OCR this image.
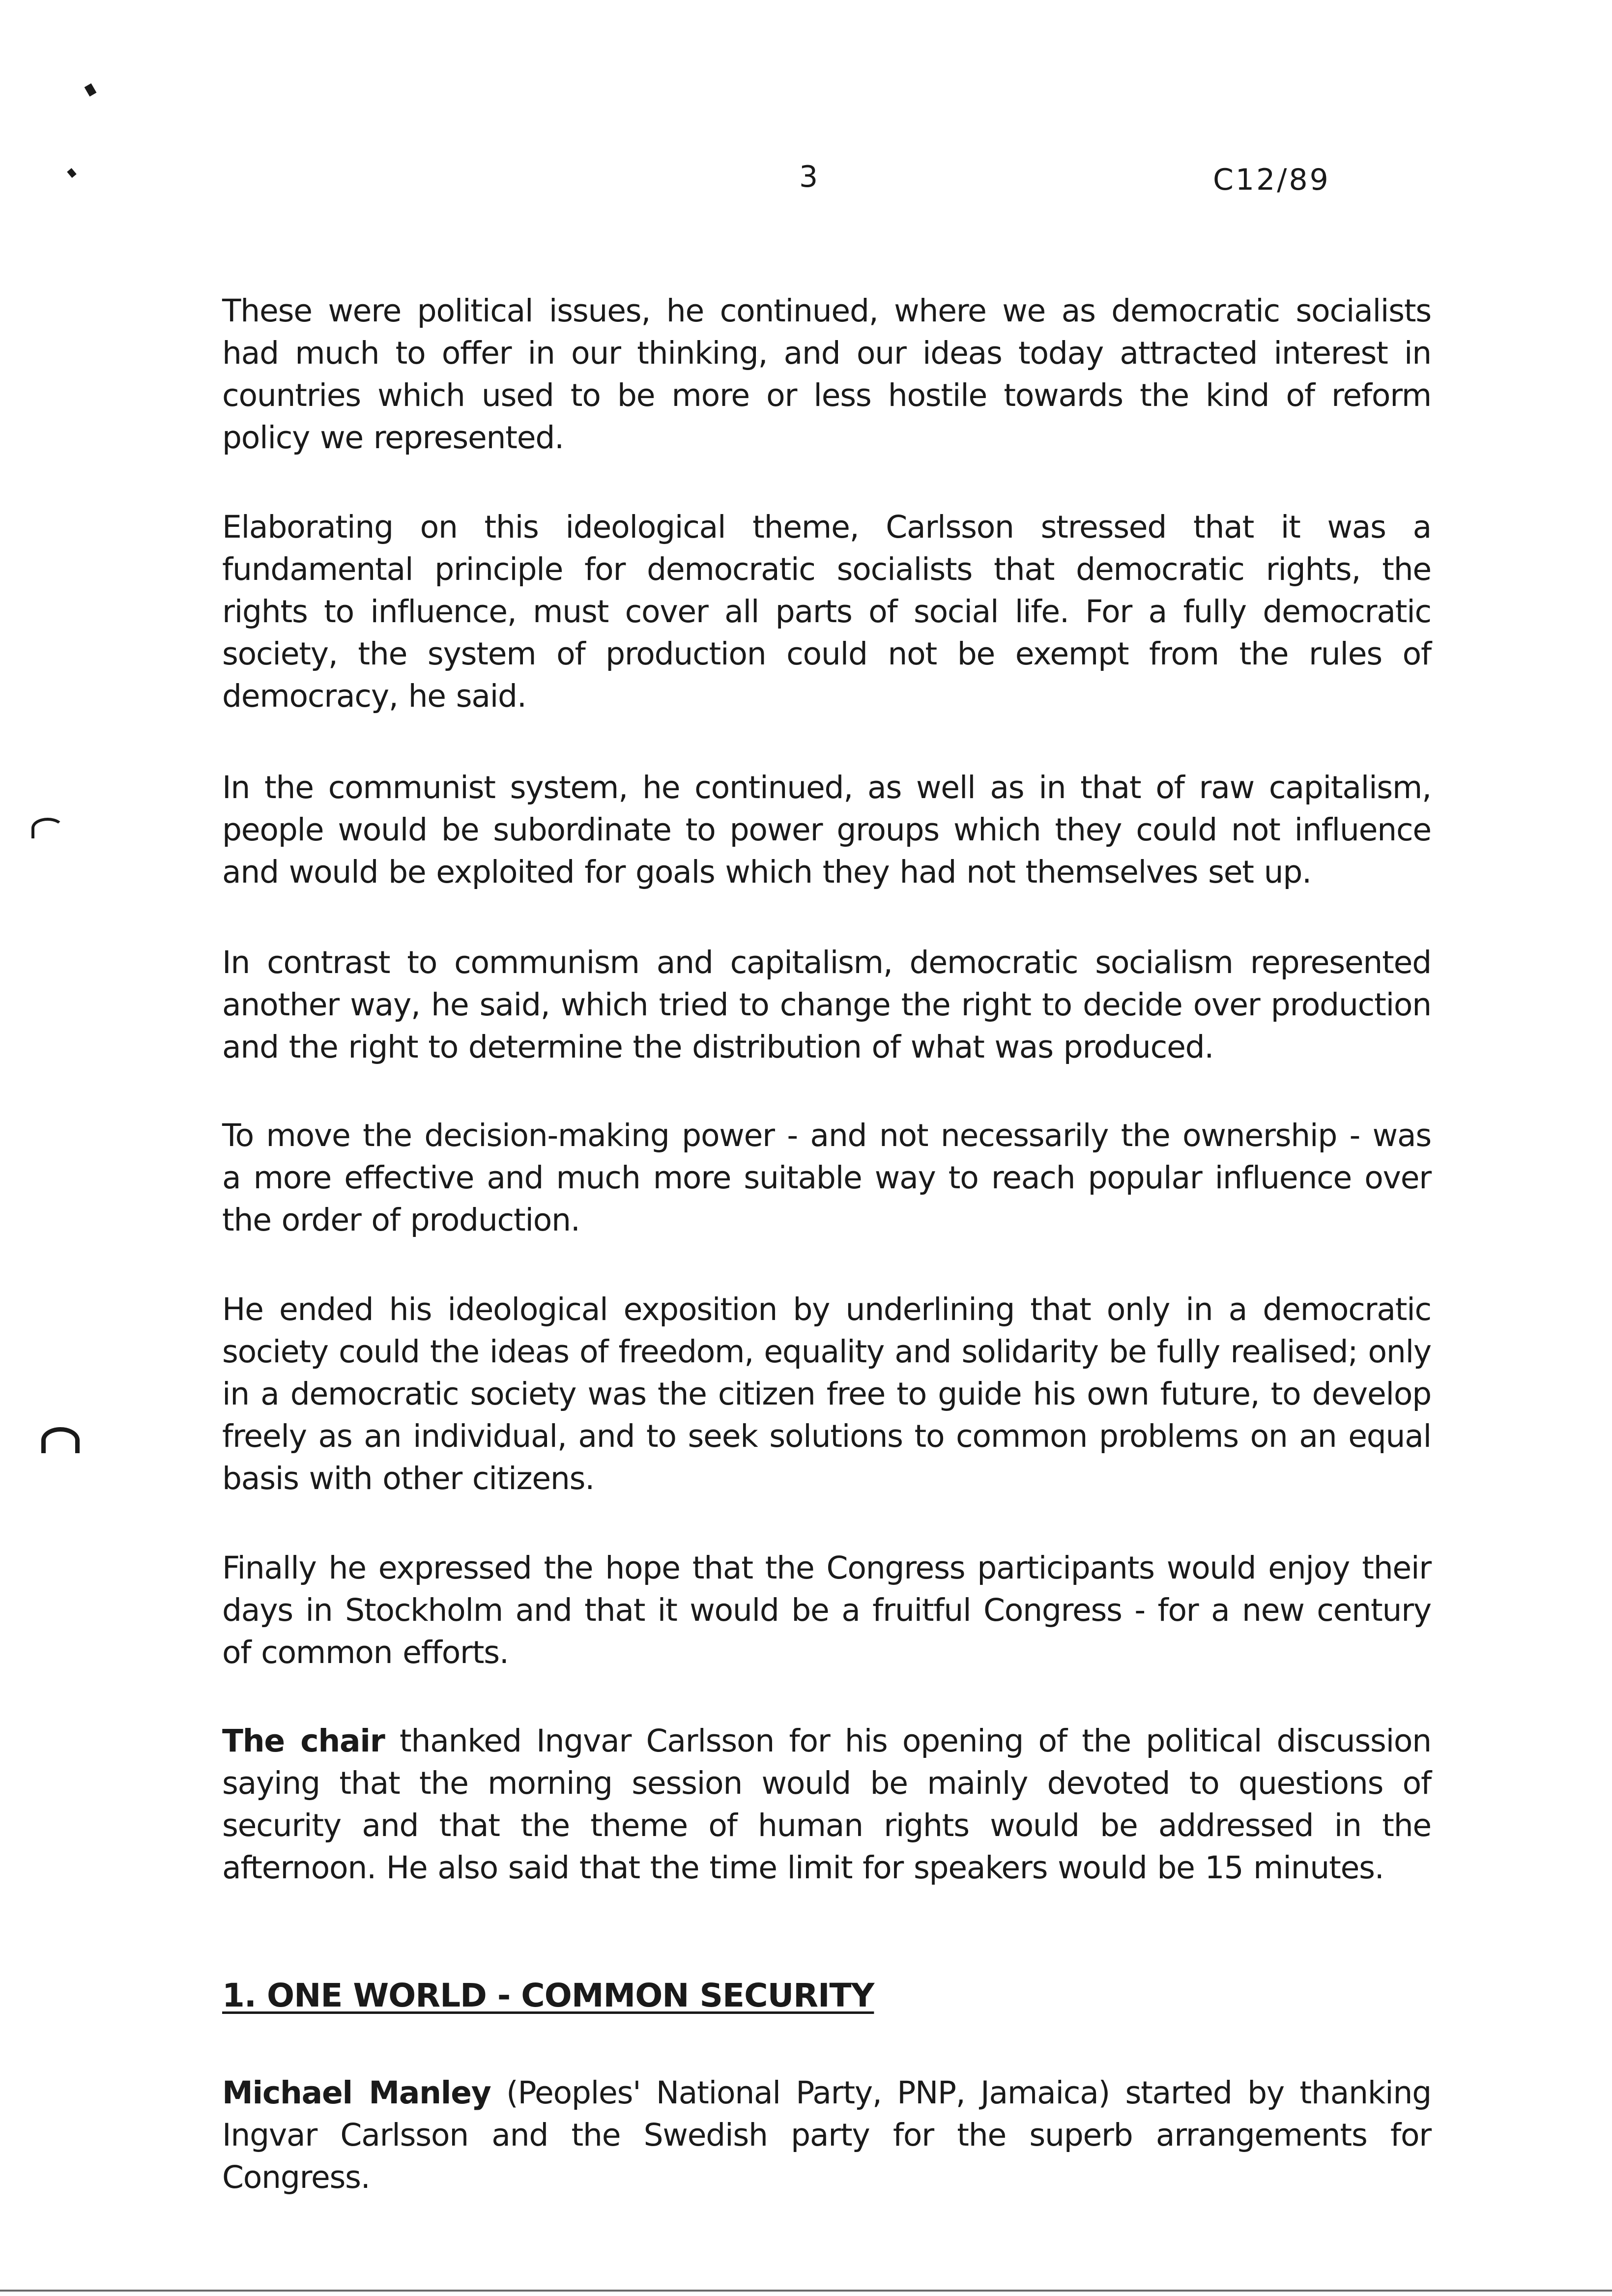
3	C12/89

These were political issues, he continued, where we as democratic socialists had much to offer in our thinking, and our ideas today attracted interest in countries which used to be more or less hostile towards the kind of reform policy we represented.

Elaborating on this ideological theme, Carlsson stressed that it was a fundamental principle for democratic socialists that democratic rights, the rights to influence, must cover all parts of social life. For a fully democratic society, the system of production could not be exempt from the rules of democracy, he said.

In the communist system, he continued, as well as in that of raw capitalism, people would be subordinate to power groups which they could not influence and would be exploited for goals which they had not themselves set up.

In contrast to communism and capitalism, democratic socialism represented another way, he said, which tried to change the right to decide over production and the right to determine the distribution of what was produced.

To move the decision-making power - and not necessarily the ownership - was a more effective and much more suitable way to reach popular influence over the order of production.

He ended his ideological exposition by underlining that only in a democratic society could the ideas of freedom, equality and solidarity be fully realised; only in a democratic society was the citizen free to guide his own future, to develop freely as an individual, and to seek solutions to common problems on an equal basis with other citizens.

Finally he expressed the hope that the Congress participants would enjoy their days in Stockholm and that it would be a fruitful Congress - for a new century of common efforts.

The chair thanked Ingvar Carlsson for his opening of the political discussion saying that the morning session would be mainly devoted to questions of security and that the theme of human rights would be addressed in the afternoon. He also said that the time limit for speakers would be 15 minutes.

1. ONE WORLD - COMMON SECURITY

Michael Manley (Peoples' National Party, PNP, Jamaica) started by thanking Ingvar Carlsson and the Swedish party for the superb arrangements for Congress.
